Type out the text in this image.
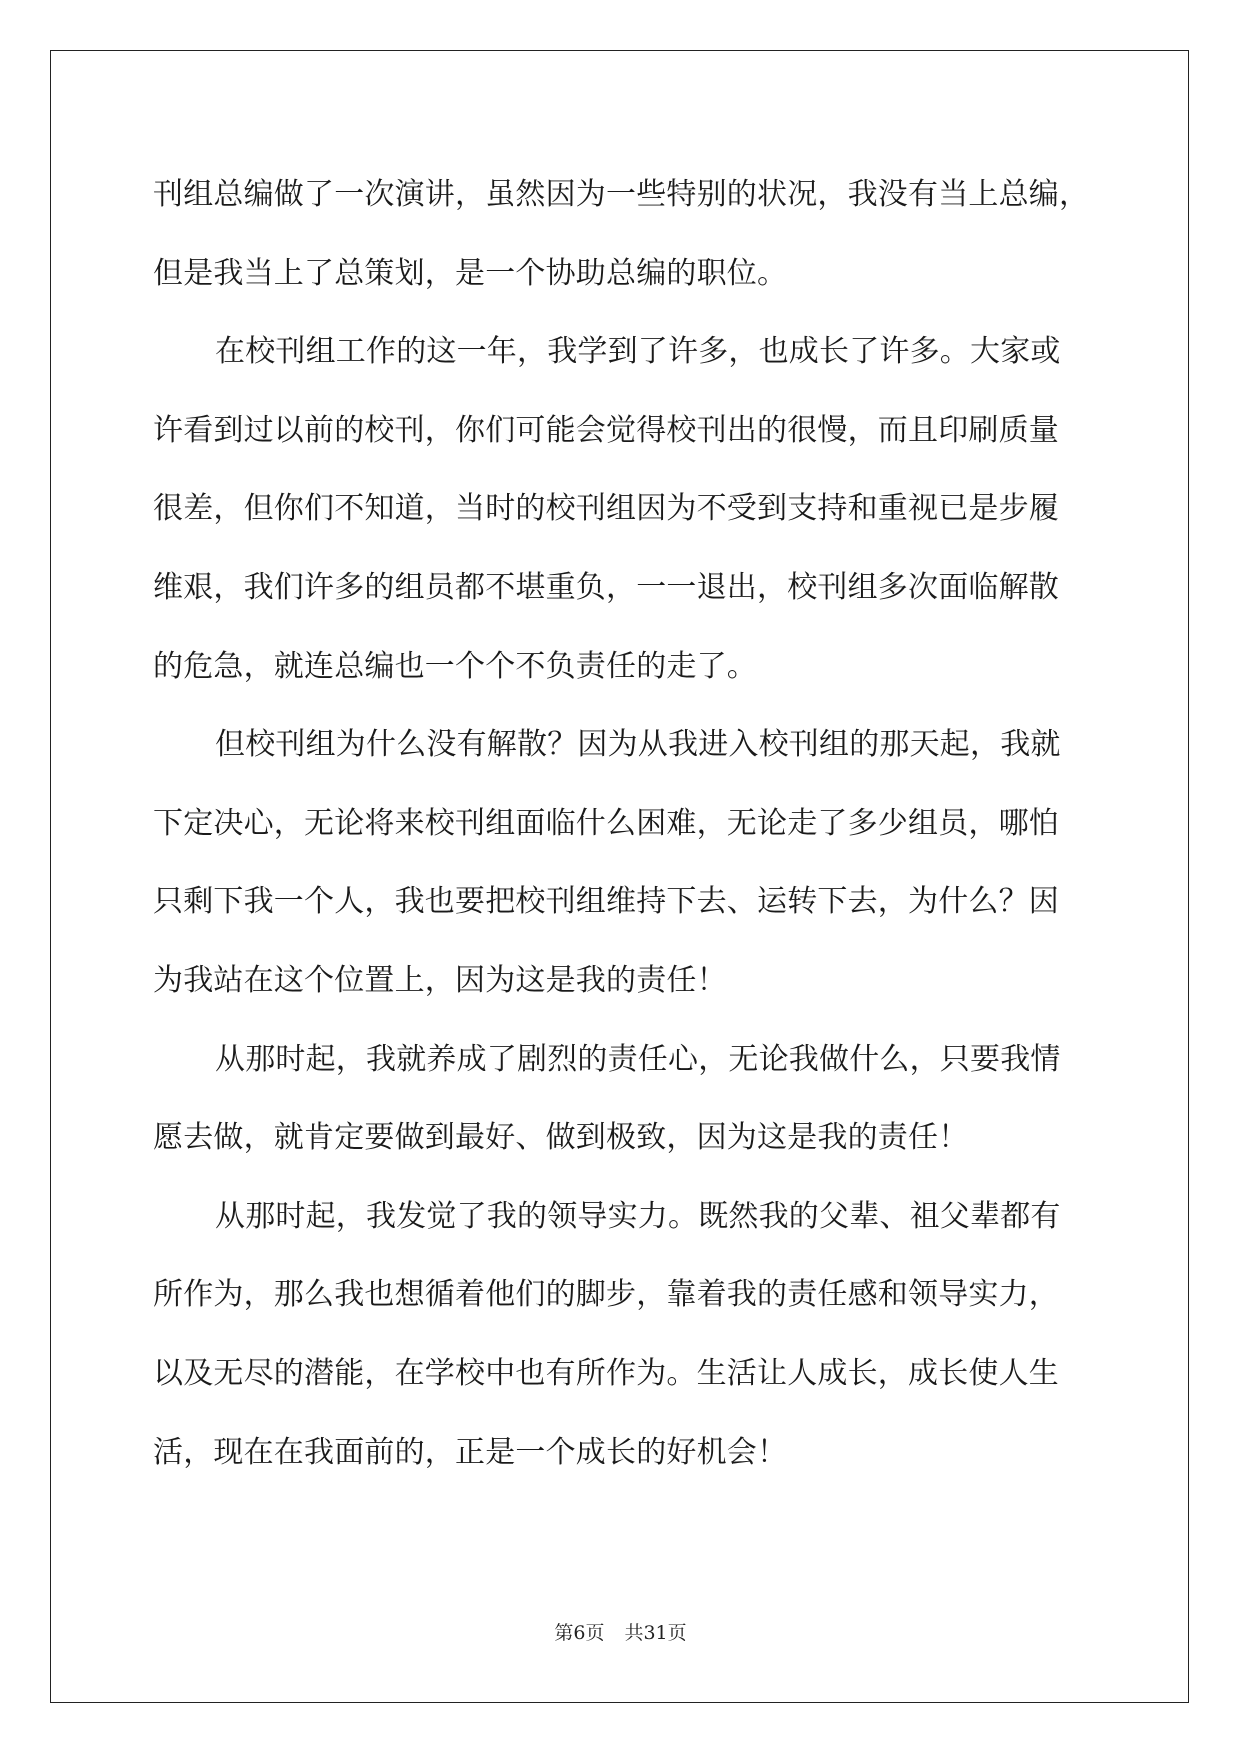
刊组总编做了一次演讲，虽然因为一些特别的状况，我没有当上总编，
但是我当上了总策划，是一个协助总编的职位。
在校刊组工作的这一年，我学到了许多，也成长了许多。大家或
许看到过以前的校刊，你们可能会觉得校刊出的很慢，而且印刷质量
很差，但你们不知道，当时的校刊组因为不受到支持和重视已是步履
维艰，我们许多的组员都不堪重负，一一退出，校刊组多次面临解散
的危急，就连总编也一个个不负责任的走了。
但校刊组为什么没有解散？因为从我进入校刊组的那天起，我就
下定决心，无论将来校刊组面临什么困难，无论走了多少组员，哪怕
只剩下我一个人，我也要把校刊组维持下去、运转下去，为什么？因
为我站在这个位置上，因为这是我的责任！
从那时起，我就养成了剧烈的责任心，无论我做什么，只要我情
愿去做，就肯定要做到最好、做到极致，因为这是我的责任！
从那时起，我发觉了我的领导实力。既然我的父辈、祖父辈都有
所作为，那么我也想循着他们的脚步，靠着我的责任感和领导实力，
以及无尽的潜能，在学校中也有所作为。生活让人成长，成长使人生
活，现在在我面前的，正是一个成长的好机会！
第6页 共31页
